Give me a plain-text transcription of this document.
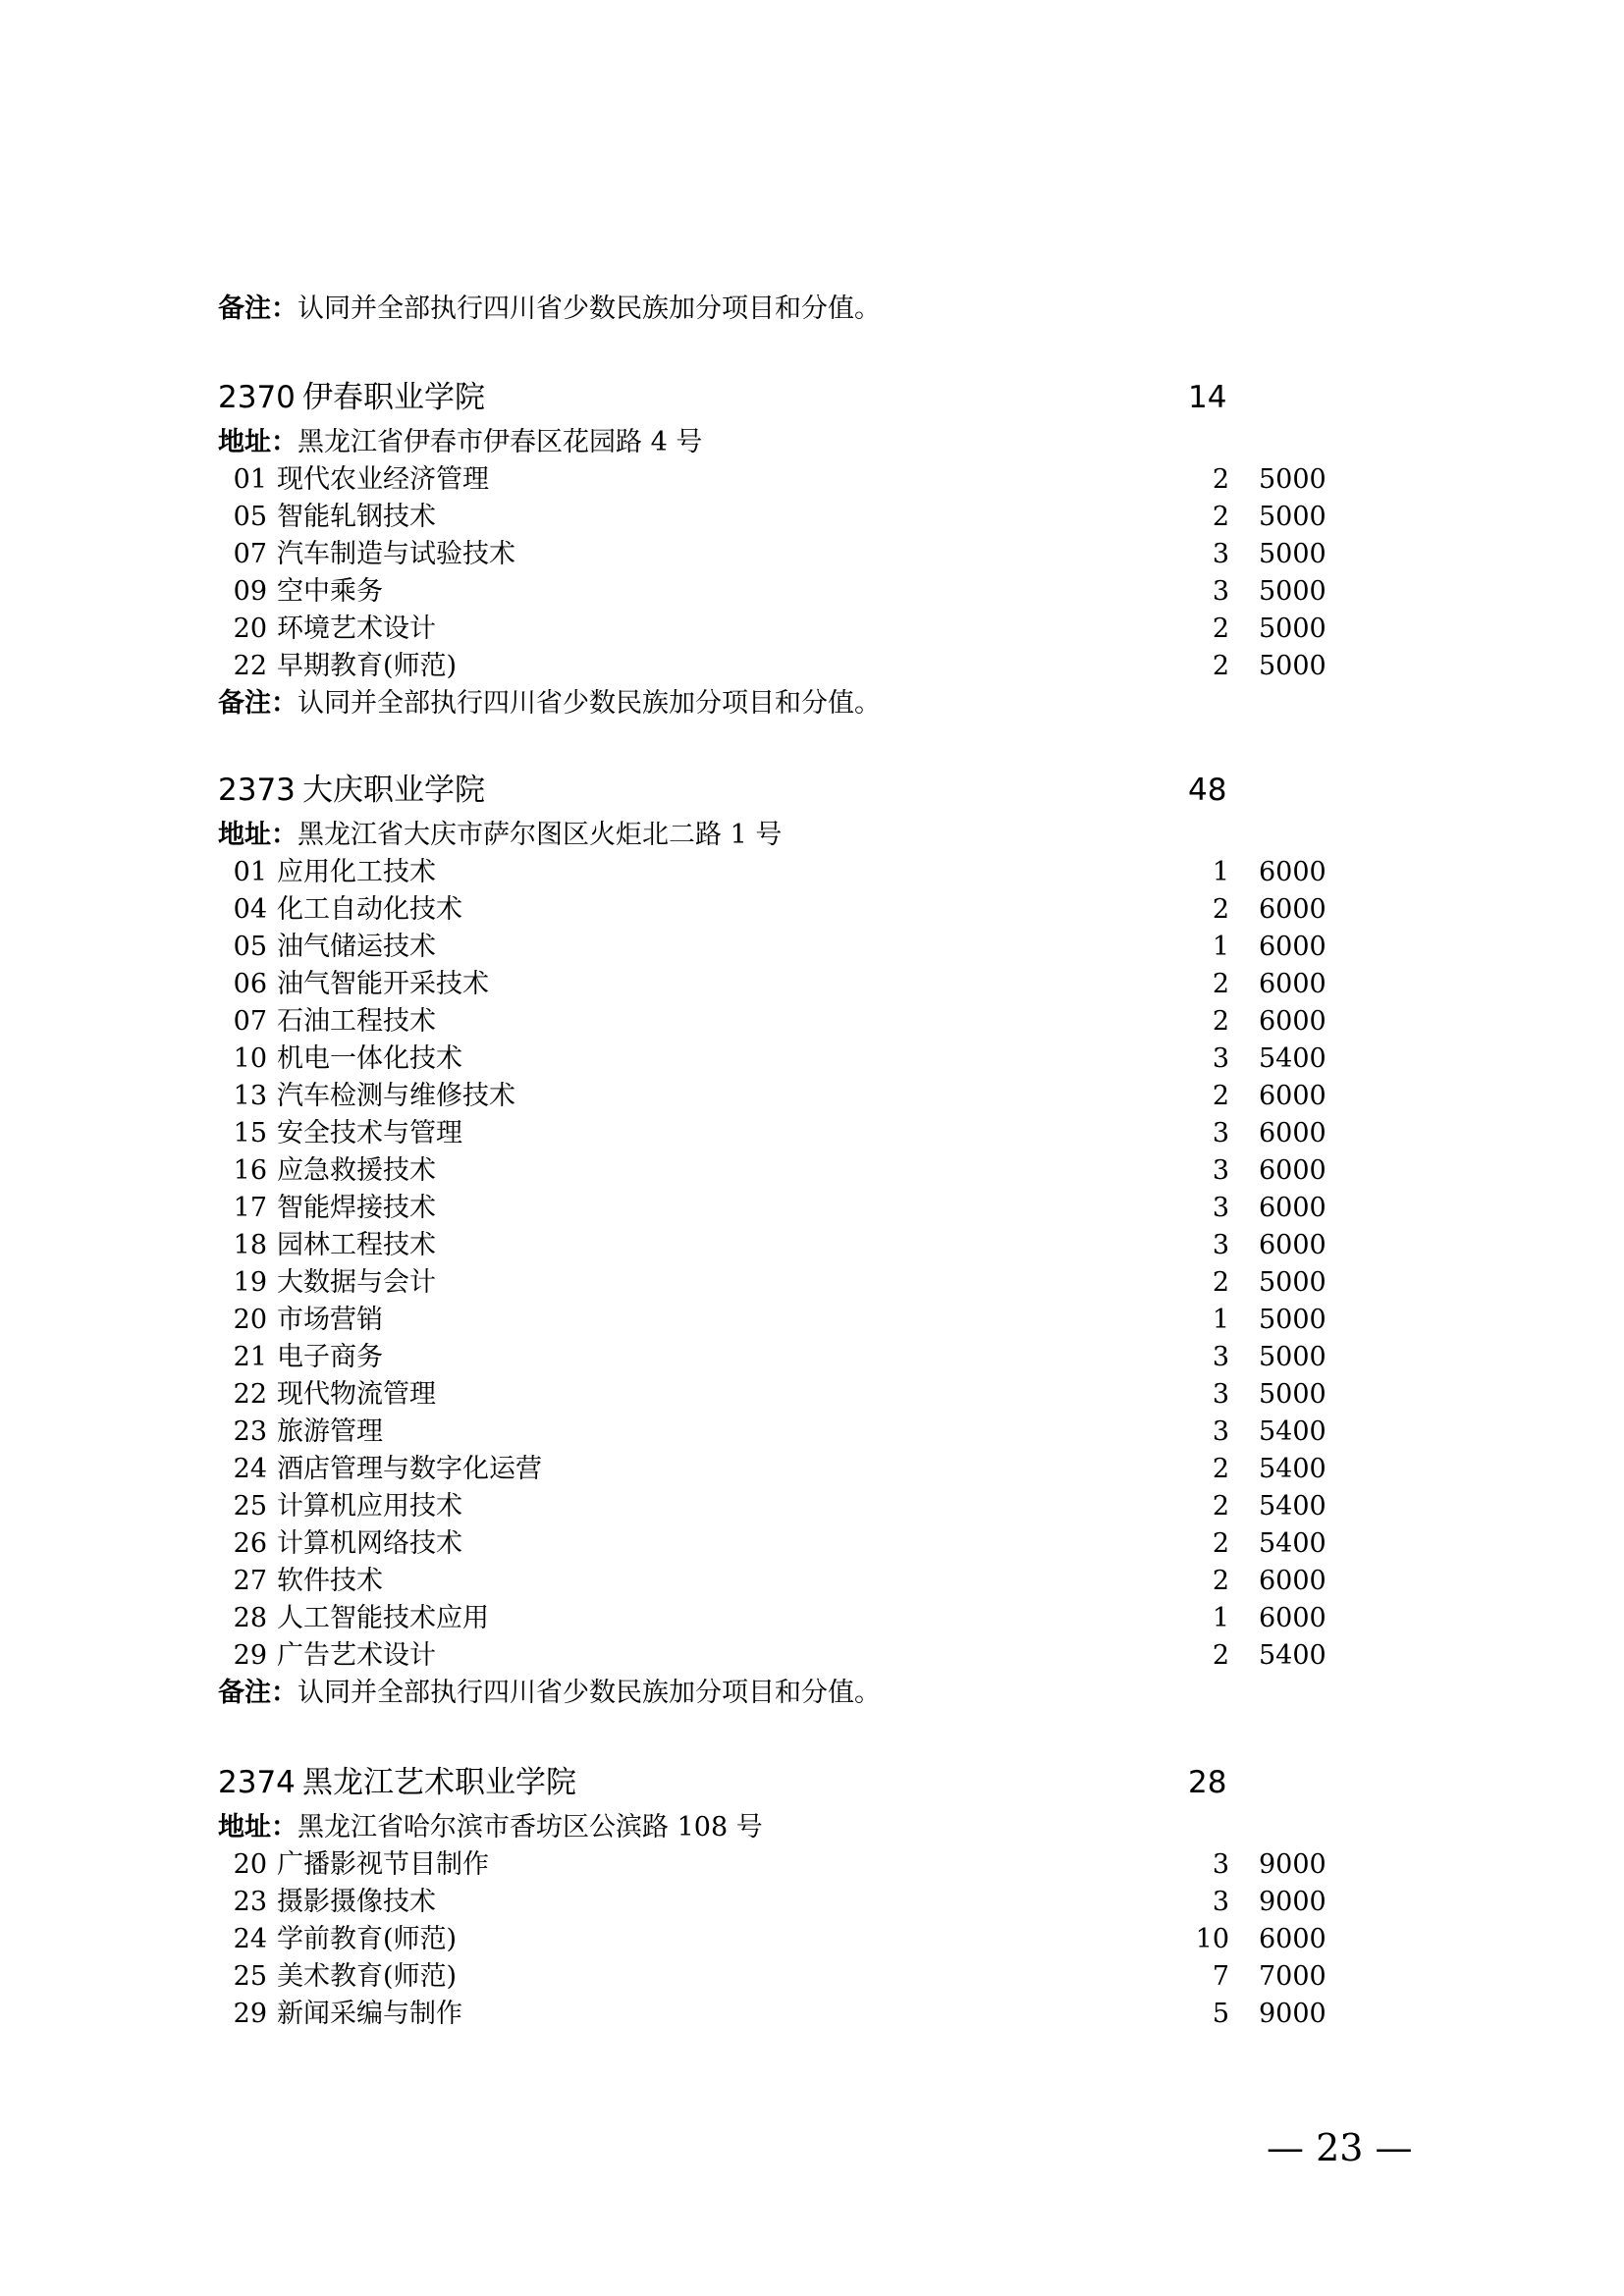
备注：认同并全部执行四川省少数民族加分项目和分值。
2370 伊春职业学院	14
地址：黑龙江省伊春市伊春区花园路 4 号
01 现代农业经济管理	2 5000
05 智能轧钢技术	2 5000
07 汽车制造与试验技术	3 5000
09 空中乘务	3 5000
20 环境艺术设计	2 5000
22 早期教育(师范)	2 5000
备注：认同并全部执行四川省少数民族加分项目和分值。
2373 大庆职业学院	48
地址：黑龙江省大庆市萨尔图区火炬北二路 1 号
01 应用化工技术	1 6000
04 化工自动化技术	2 6000
05 油气储运技术	1 6000
06 油气智能开采技术	2 6000
07 石油工程技术	2 6000
10 机电一体化技术	3 5400
13 汽车检测与维修技术	2 6000
15 安全技术与管理	3 6000
16 应急救援技术	3 6000
17 智能焊接技术	3 6000
18 园林工程技术	3 6000
19 大数据与会计	2 5000
20 市场营销	1 5000
21 电子商务	3 5000
22 现代物流管理	3 5000
23 旅游管理	3 5400
24 酒店管理与数字化运营	2 5400
25 计算机应用技术	2 5400
26 计算机网络技术	2 5400
27 软件技术	2 6000
28 人工智能技术应用	1 6000
29 广告艺术设计	2 5400
备注：认同并全部执行四川省少数民族加分项目和分值。
2374 黑龙江艺术职业学院	28
地址：黑龙江省哈尔滨市香坊区公滨路 108 号
20 广播影视节目制作	3 9000
23 摄影摄像技术	3 9000
24 学前教育(师范)	10 6000
25 美术教育(师范)	7 7000
29 新闻采编与制作	5 9000
— 23 —
